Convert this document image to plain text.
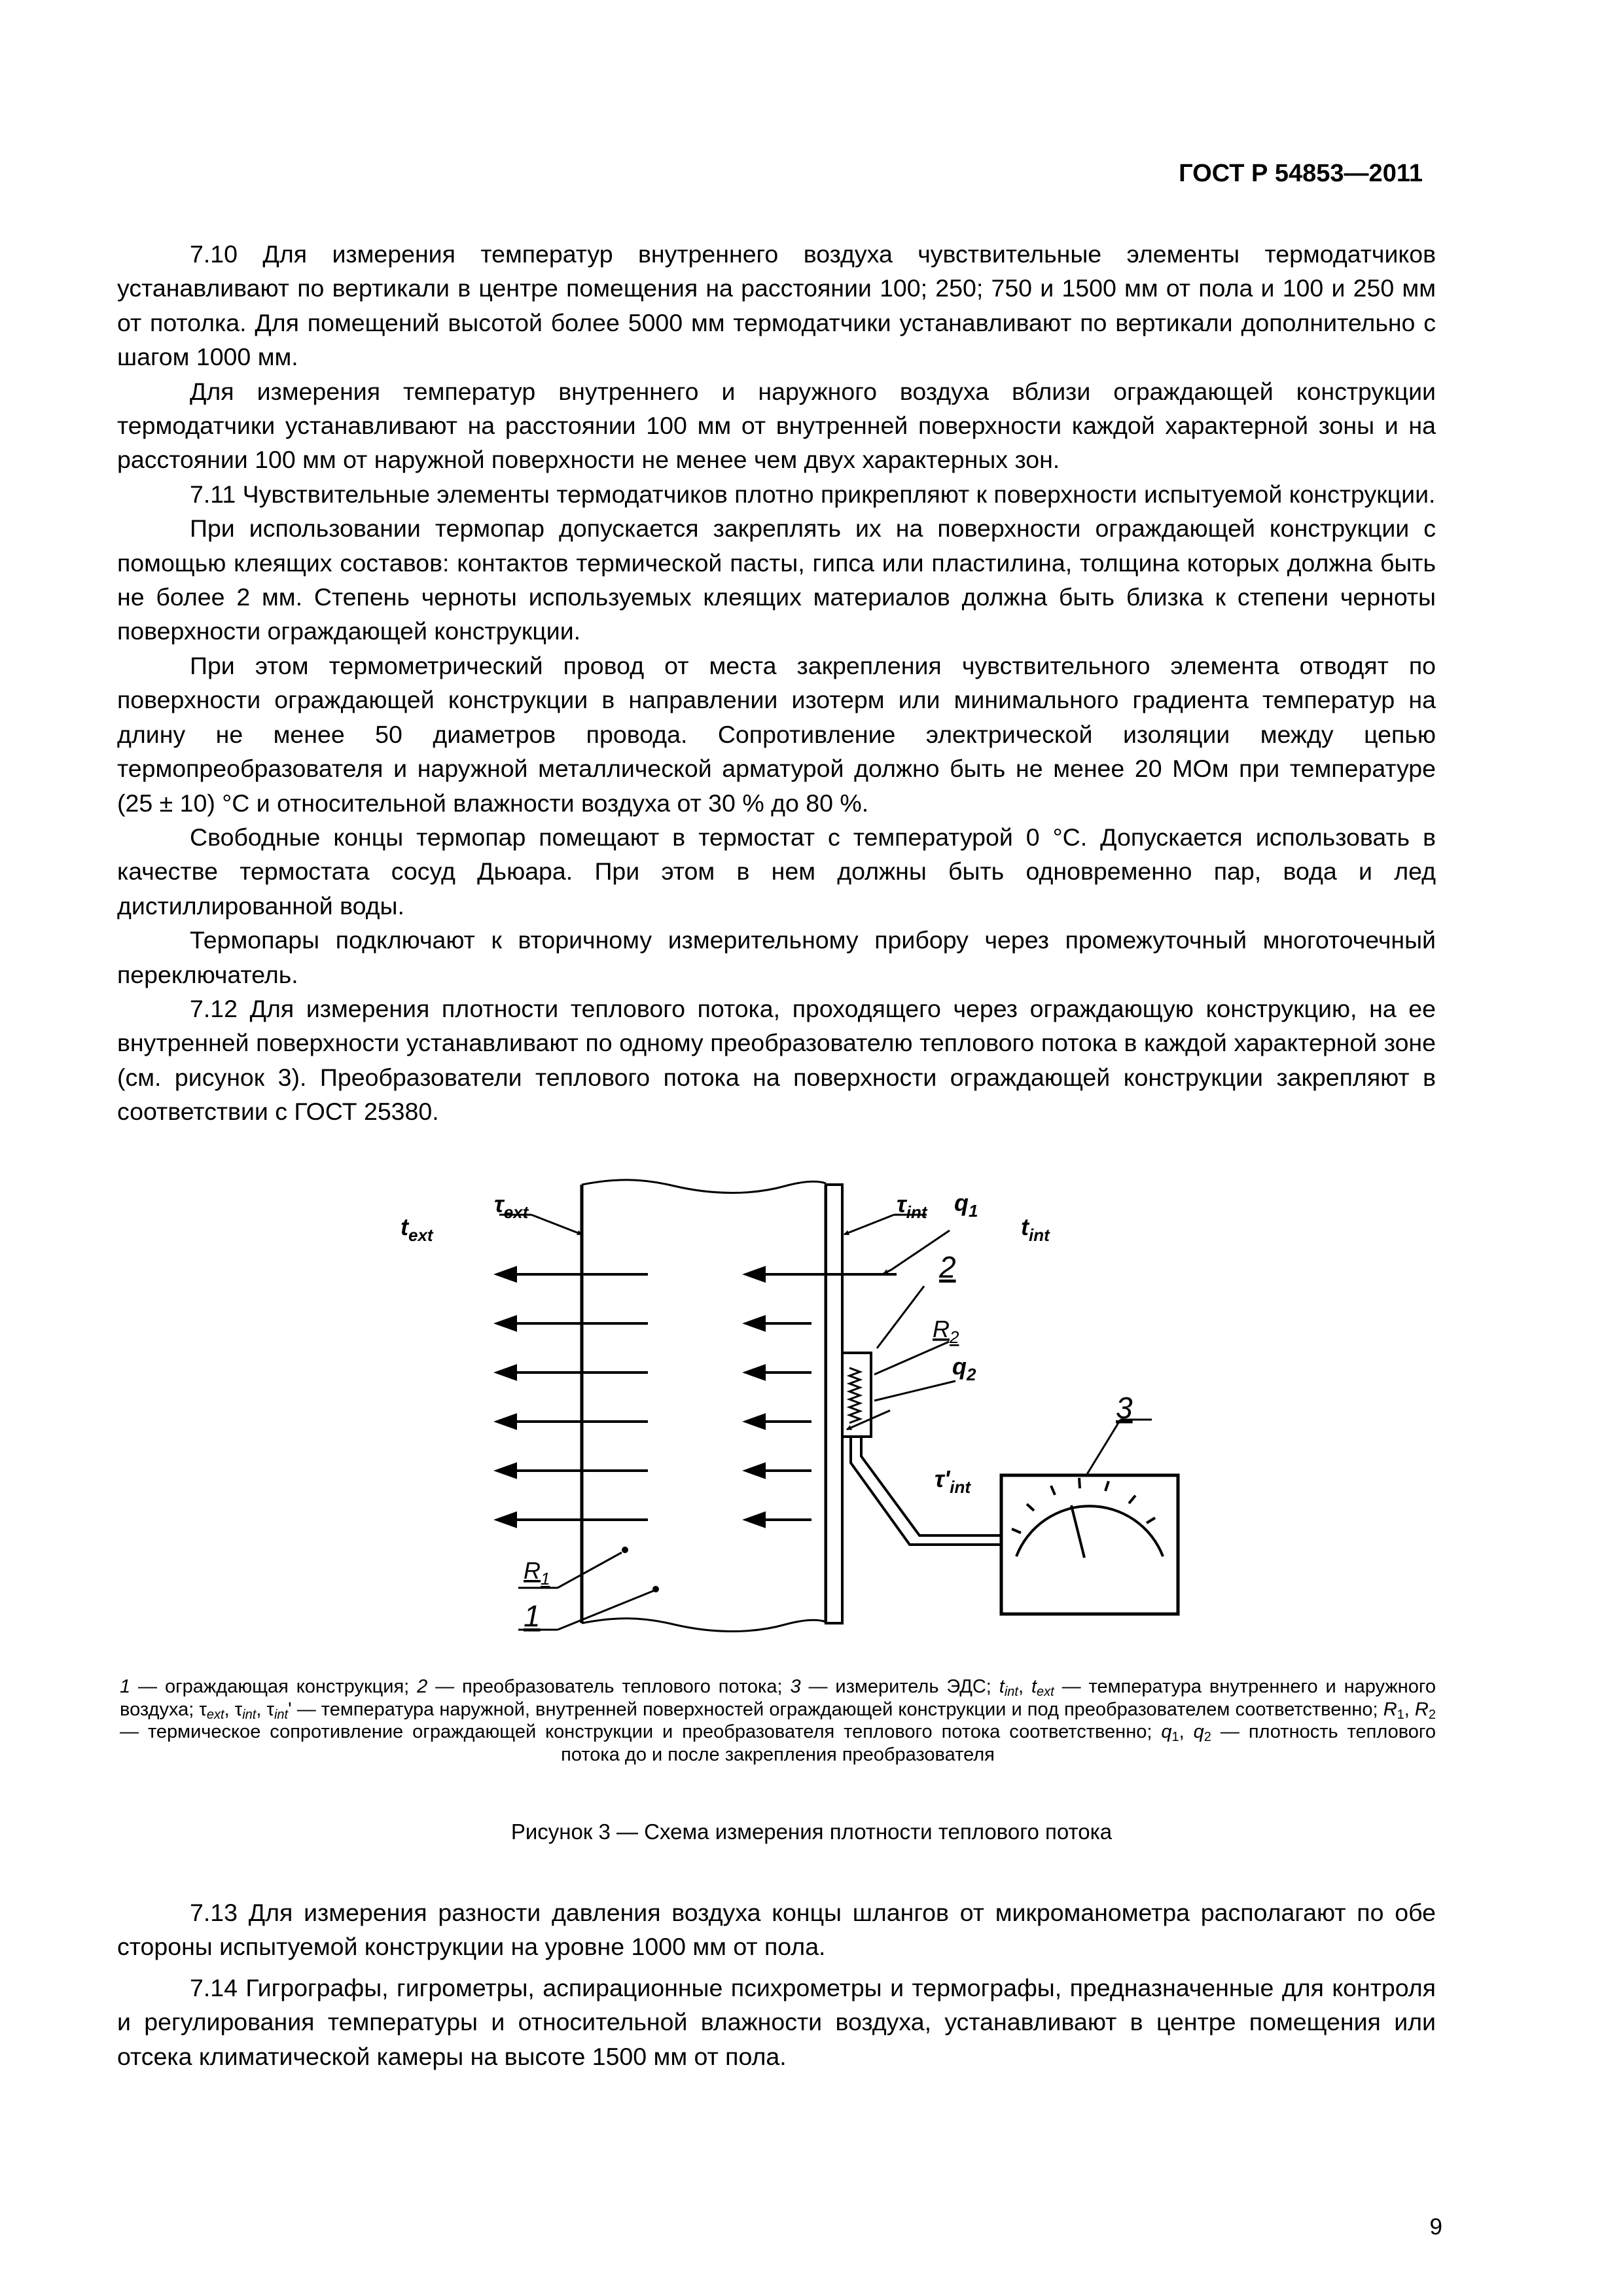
ГОСТ Р 54853—2011

7.10 Для измерения температур внутреннего воздуха чувствительные элементы термодатчиков устанавливают по вертикали в центре помещения на расстоянии 100; 250; 750 и 1500 мм от пола и 100 и 250 мм от потолка. Для помещений высотой более 5000 мм термодатчики устанавливают по вертикали дополнительно с шагом 1000 мм.

Для измерения температур внутреннего и наружного воздуха вблизи ограждающей конструкции термодатчики устанавливают на расстоянии 100 мм от внутренней поверхности каждой характерной зоны и на расстоянии 100 мм от наружной поверхности не менее чем двух характерных зон.

7.11 Чувствительные элементы термодатчиков плотно прикрепляют к поверхности испытуемой конструкции.

При использовании термопар допускается закреплять их на поверхности ограждающей конструкции с помощью клеящих составов: контактов термической пасты, гипса или пластилина, толщина которых должна быть не более 2 мм. Степень черноты используемых клеящих материалов должна быть близка к степени черноты поверхности ограждающей конструкции.

При этом термометрический провод от места закрепления чувствительного элемента отводят по поверхности ограждающей конструкции в направлении изотерм или минимального градиента температур на длину не менее 50 диаметров провода. Сопротивление электрической изоляции между цепью термопреобразователя и наружной металлической арматурой должно быть не менее 20 МОм при температуре (25 ± 10) °С и относительной влажности воздуха от 30 % до 80 %.

Свободные концы термопар помещают в термостат с температурой 0 °С. Допускается использовать в качестве термостата сосуд Дьюара. При этом в нем должны быть одновременно пар, вода и лед дистиллированной воды.

Термопары подключают к вторичному измерительному прибору через промежуточный многоточечный переключатель.

7.12 Для измерения плотности теплового потока, проходящего через ограждающую конструкцию, на ее внутренней поверхности устанавливают по одному преобразователю теплового потока в каждой характерной зоне (см. рисунок 3). Преобразователи теплового потока на поверхности ограждающей конструкции закрепляют в соответствии с ГОСТ 25380.

$t_{ext}$
$\tau_{ext}$	$\tau_{int}$ $q_1$
$t_{int}$
2
$R_2$
$q_2$
3
$\tau'_{int}$
$R_1$
1
1 — ограждающая конструкция; 2 — преобразователь теплового потока; 3 — измеритель ЭДС; $t_{int}$, $t_{ext}$ — температура внутреннего и наружного воздуха; $\tau_{ext}$, $\tau_{int}$, $\tau_{int}'$ — температура наружной, внутренней поверхностей ограждающей конструкции и под преобразователем соответственно; $R_1$, $R_2$ — термическое сопротивление ограждающей конструкции и преобразователя теплового потока соответственно; $q_1$, $q_2$ — плотность теплового потока до и после закрепления преобразователя
Рисунок 3 — Схема измерения плотности теплового потока

7.13 Для измерения разности давления воздуха концы шлангов от микроманометра располагают по обе стороны испытуемой конструкции на уровне 1000 мм от пола.

7.14 Гигрографы, гигрометры, аспирационные психрометры и термографы, предназначенные для контроля и регулирования температуры и относительной влажности воздуха, устанавливают в центре помещения или отсека климатической камеры на высоте 1500 мм от пола.

9
